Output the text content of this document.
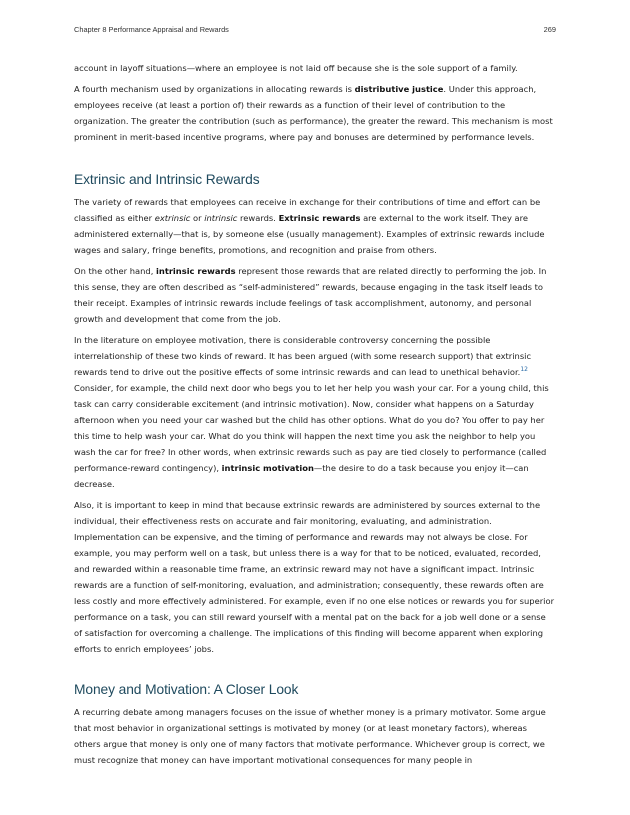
Chapter 8 Performance Appraisal and Rewards	269

account in layoff situations—where an employee is not laid off because she is the sole support of a family.

A fourth mechanism used by organizations in allocating rewards is distributive justice. Under this approach, employees receive (at least a portion of) their rewards as a function of their level of contribution to the organization. The greater the contribution (such as performance), the greater the reward. This mechanism is most prominent in merit-based incentive programs, where pay and bonuses are determined by performance levels.

Extrinsic and Intrinsic Rewards

The variety of rewards that employees can receive in exchange for their contributions of time and effort can be classified as either extrinsic or intrinsic rewards. Extrinsic rewards are external to the work itself. They are administered externally—that is, by someone else (usually management). Examples of extrinsic rewards include wages and salary, fringe benefits, promotions, and recognition and praise from others.

On the other hand, intrinsic rewards represent those rewards that are related directly to performing the job. In this sense, they are often described as “self-administered” rewards, because engaging in the task itself leads to their receipt. Examples of intrinsic rewards include feelings of task accomplishment, autonomy, and personal growth and development that come from the job.

In the literature on employee motivation, there is considerable controversy concerning the possible interrelationship of these two kinds of reward. It has been argued (with some research support) that extrinsic rewards tend to drive out the positive effects of some intrinsic rewards and can lead to unethical behavior.$^{12}$ Consider, for example, the child next door who begs you to let her help you wash your car. For a young child, this task can carry considerable excitement (and intrinsic motivation). Now, consider what happens on a Saturday afternoon when you need your car washed but the child has other options. What do you do? You offer to pay her this time to help wash your car. What do you think will happen the next time you ask the neighbor to help you wash the car for free? In other words, when extrinsic rewards such as pay are tied closely to performance (called performance-reward contingency), intrinsic motivation—the desire to do a task because you enjoy it—can decrease.

Also, it is important to keep in mind that because extrinsic rewards are administered by sources external to the individual, their effectiveness rests on accurate and fair monitoring, evaluating, and administration. Implementation can be expensive, and the timing of performance and rewards may not always be close. For example, you may perform well on a task, but unless there is a way for that to be noticed, evaluated, recorded, and rewarded within a reasonable time frame, an extrinsic reward may not have a significant impact. Intrinsic rewards are a function of self-monitoring, evaluation, and administration; consequently, these rewards often are less costly and more effectively administered. For example, even if no one else notices or rewards you for superior performance on a task, you can still reward yourself with a mental pat on the back for a job well done or a sense of satisfaction for overcoming a challenge. The implications of this finding will become apparent when exploring efforts to enrich employees’ jobs.

Money and Motivation: A Closer Look

A recurring debate among managers focuses on the issue of whether money is a primary motivator. Some argue that most behavior in organizational settings is motivated by money (or at least monetary factors), whereas others argue that money is only one of many factors that motivate performance. Whichever group is correct, we must recognize that money can have important motivational consequences for many people in
